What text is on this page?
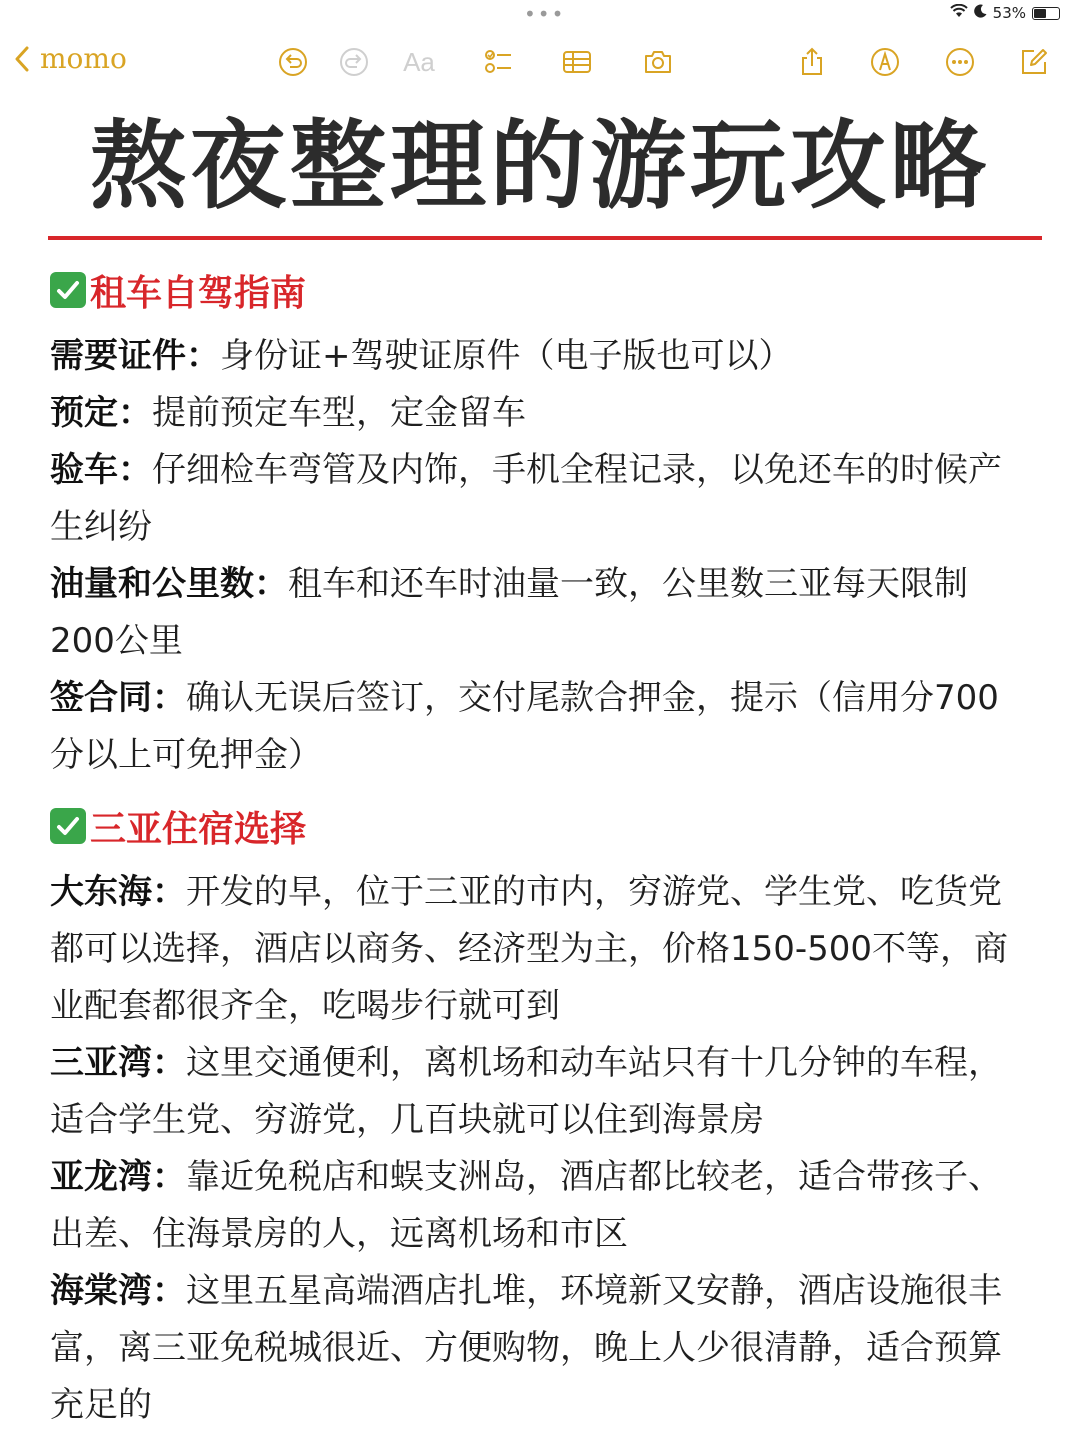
•••	53%
momo	Aa
熬夜整理的游玩攻略
租车自驾指南
需要证件：身份证+驾驶证原件（电子版也可以）
预定：提前预定车型，定金留车
验车：仔细检车弯管及内饰，手机全程记录，以免还车的时候产生纠纷
油量和公里数：租车和还车时油量一致，公里数三亚每天限制200公里
签合同：确认无误后签订，交付尾款合押金，提示（信用分700分以上可免押金）
三亚住宿选择
大东海：开发的早，位于三亚的市内，穷游党、学生党、吃货党都可以选择，酒店以商务、经济型为主，价格150-500不等，商业配套都很齐全，吃喝步行就可到
三亚湾：这里交通便利，离机场和动车站只有十几分钟的车程，适合学生党、穷游党，几百块就可以住到海景房
亚龙湾：靠近免税店和蜈支洲岛，酒店都比较老，适合带孩子、出差、住海景房的人，远离机场和市区
海棠湾：这里五星高端酒店扎堆，环境新又安静，酒店设施很丰富，离三亚免税城很近、方便购物，晚上人少很清静，适合预算充足的
